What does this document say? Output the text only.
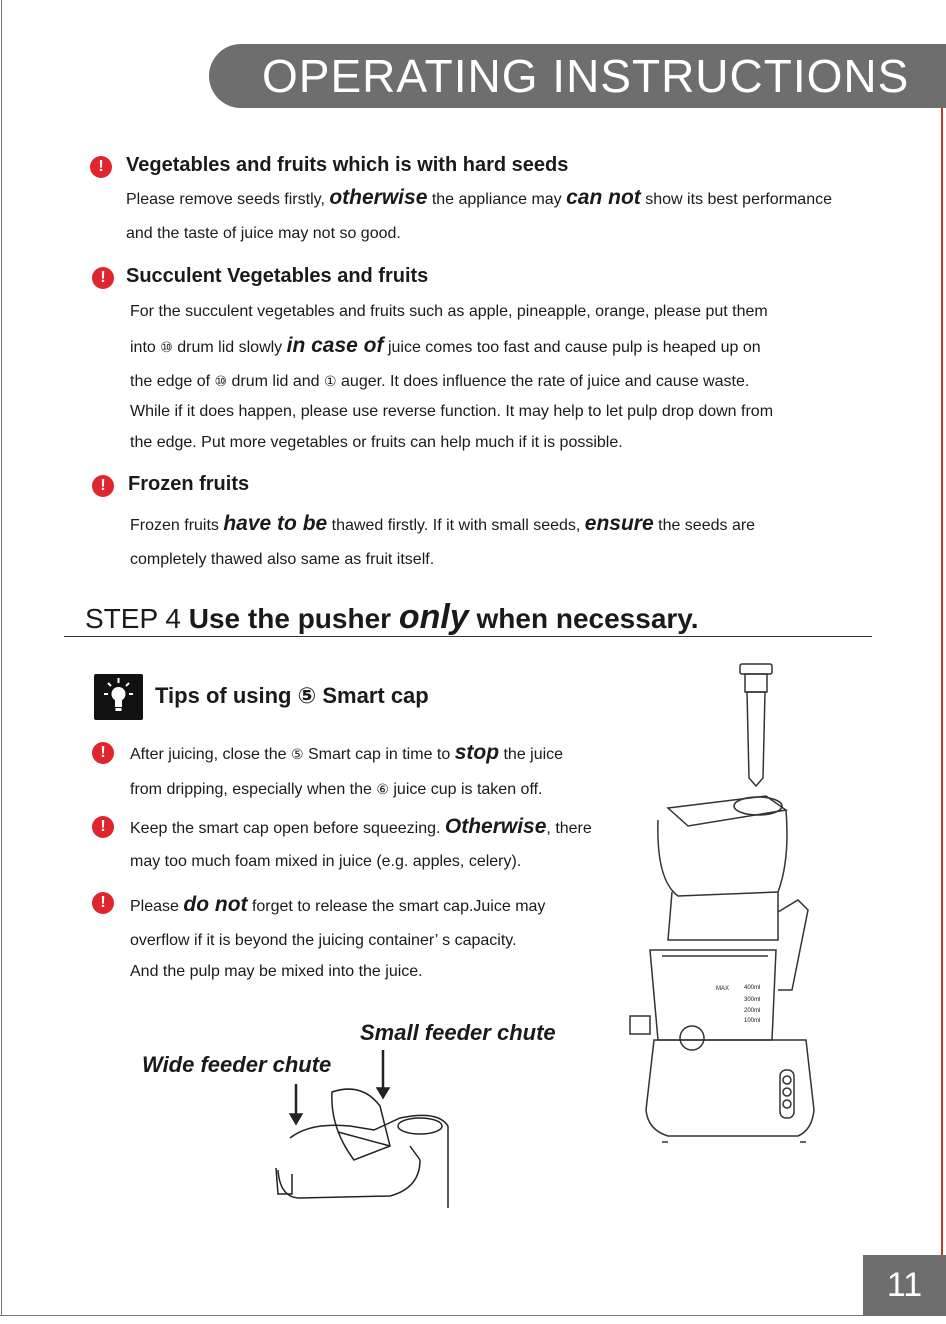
OPERATING INSTRUCTIONS
!	Vegetables and fruits which is with hard seeds
Please remove seeds firstly, otherwise the appliance may can not show its best performance
and the taste of juice may not so good.
!	Succulent Vegetables and fruits
For the succulent vegetables and fruits such as apple, pineapple, orange, please put them
into ⑩ drum lid slowly in case of juice comes too fast and cause pulp is heaped up on
the edge of ⑩ drum lid and ① auger. It does influence the rate of juice and cause waste.
While if it does happen, please use reverse function. It may help to let pulp drop down from
the edge. Put more vegetables or fruits can help much if it is possible.
!	Frozen fruits
Frozen fruits have to be thawed firstly. If it with small seeds, ensure the seeds are
completely thawed also same as fruit itself.
STEP 4 Use the pusher only when necessary.
Tips of using ⑤ Smart cap
!	After juicing, close the ⑤ Smart cap in time to stop the juice
from dripping, especially when the ⑥ juice cup is taken off.
!	Keep the smart cap open before squeezing. Otherwise, there
may too much foam mixed in juice (e.g. apples, celery).
!	Please do not forget to release the smart cap.Juice may
overflow if it is beyond the juicing container’ s capacity.
And the pulp may be mixed into the juice.
MAX 400ml
300ml
200ml
100ml
Small feeder chute
Wide feeder chute
11
